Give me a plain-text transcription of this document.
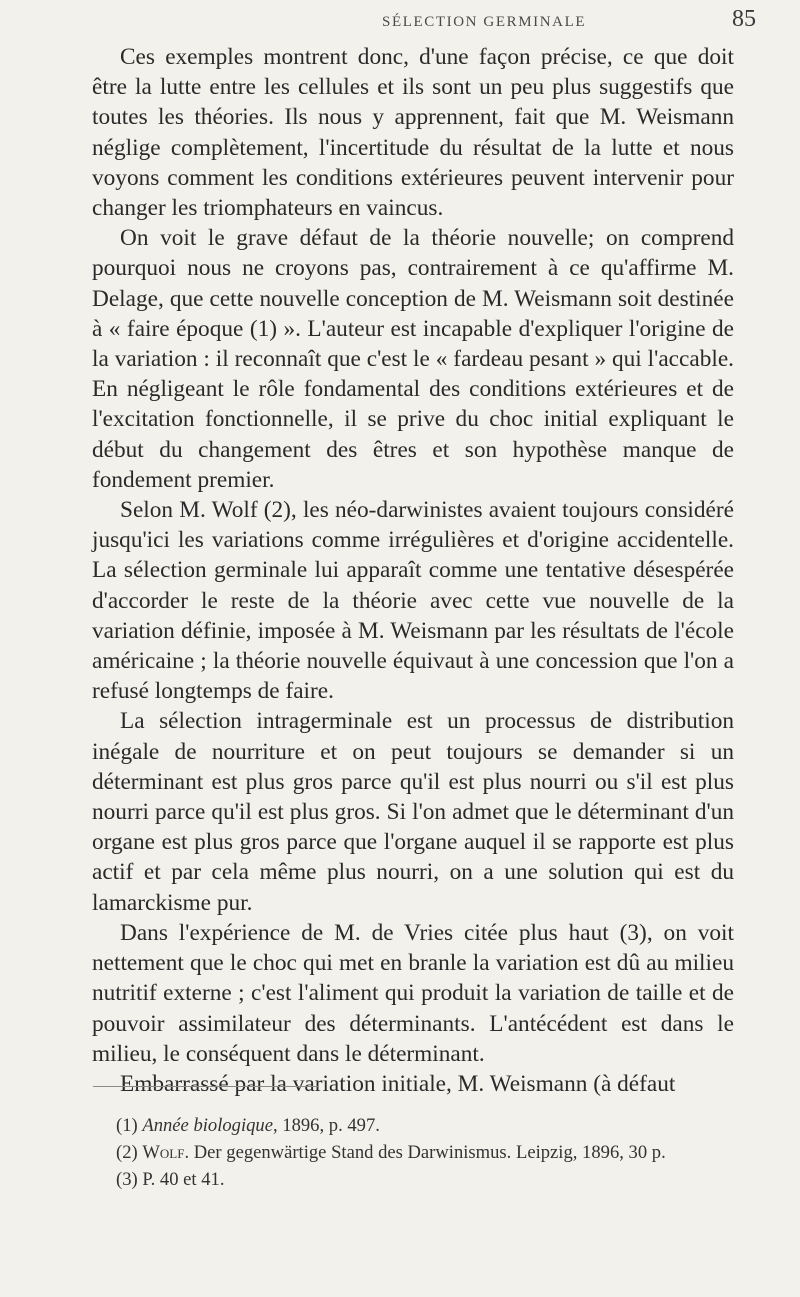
SÉLECTION GERMINALE	85

Ces exemples montrent donc, d'une façon précise, ce que doit être la lutte entre les cellules et ils sont un peu plus suggestifs que toutes les théories. Ils nous y apprennent, fait que M. Weismann néglige complètement, l'incertitude du résultat de la lutte et nous voyons comment les conditions extérieures peuvent intervenir pour changer les triomphateurs en vaincus.

On voit le grave défaut de la théorie nouvelle; on comprend pourquoi nous ne croyons pas, contrairement à ce qu'affirme M. Delage, que cette nouvelle conception de M. Weismann soit destinée à « faire époque (1) ». L'auteur est incapable d'expliquer l'origine de la variation : il reconnaît que c'est le « fardeau pesant » qui l'accable. En négligeant le rôle fondamental des conditions extérieures et de l'excitation fonctionnelle, il se prive du choc initial expliquant le début du changement des êtres et son hypothèse manque de fondement premier.

Selon M. Wolf (2), les néo-darwinistes avaient toujours considéré jusqu'ici les variations comme irrégulières et d'origine accidentelle. La sélection germinale lui apparaît comme une tentative désespérée d'accorder le reste de la théorie avec cette vue nouvelle de la variation définie, imposée à M. Weismann par les résultats de l'école américaine ; la théorie nouvelle équivaut à une concession que l'on a refusé longtemps de faire.

La sélection intragerminale est un processus de distribution inégale de nourriture et on peut toujours se demander si un déterminant est plus gros parce qu'il est plus nourri ou s'il est plus nourri parce qu'il est plus gros. Si l'on admet que le déterminant d'un organe est plus gros parce que l'organe auquel il se rapporte est plus actif et par cela même plus nourri, on a une solution qui est du lamarckisme pur.

Dans l'expérience de M. de Vries citée plus haut (3), on voit nettement que le choc qui met en branle la variation est dû au milieu nutritif externe ; c'est l'aliment qui produit la variation de taille et de pouvoir assimilateur des déterminants. L'antécédent est dans le milieu, le conséquent dans le déterminant.

Embarrassé par la variation initiale, M. Weismann (à défaut

(1) Année biologique, 1896, p. 497.

(2) Wolf. Der gegenwärtige Stand des Darwinismus. Leipzig, 1896, 30 p.

(3) P. 40 et 41.
